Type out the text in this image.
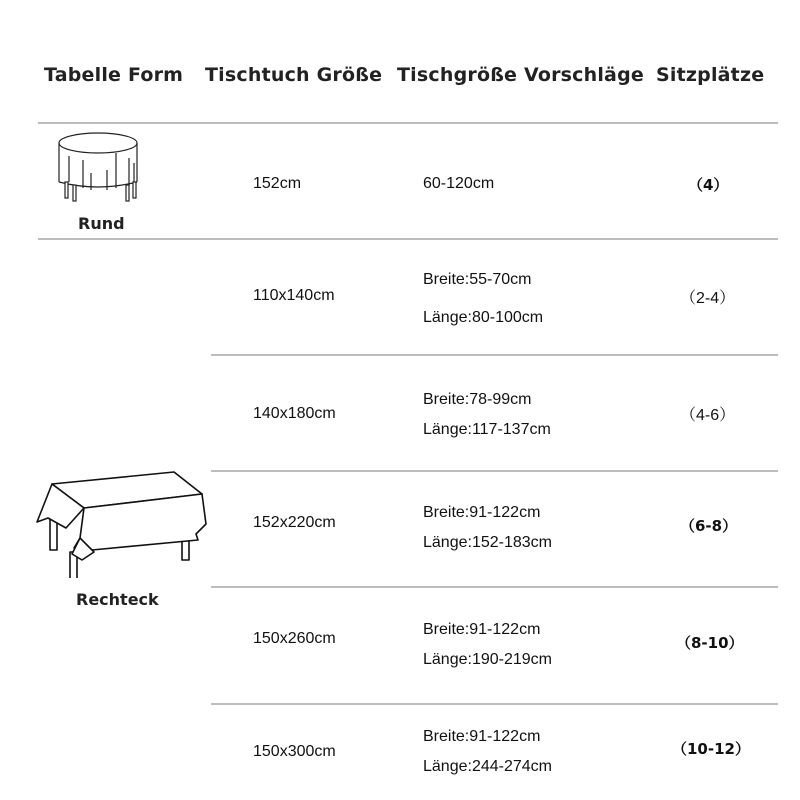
Tabelle Form Tischtuch Größe Tischgröße Vorschläge Sitzplätze
Rund
Rechteck
152cm	60-120cm	（4）
110x140cm
Breite:55-70cm
Länge:80-100cm
（2-4）
140x180cm
Breite:78-99cm
Länge:117-137cm
（4-6）
152x220cm
Breite:91-122cm
Länge:152-183cm
（6-8）
150x260cm
Breite:91-122cm
Länge:190-219cm
（8-10）
150x300cm
Breite:91-122cm
Länge:244-274cm
（10-12）
